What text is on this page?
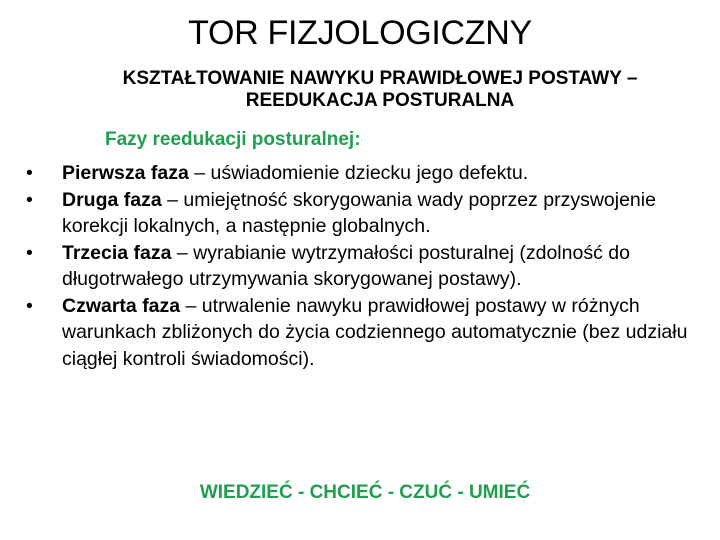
TOR FIZJOLOGICZNY
KSZTAŁTOWANIE NAWYKU PRAWIDŁOWEJ POSTAWY –
REEDUKACJA POSTURALNA
Fazy reedukacji posturalnej:
•	Pierwsza faza – uświadomienie dziecku jego defektu.
•	Druga faza – umiejętność skorygowania wady poprzez przyswojenie korekcji lokalnych, a następnie globalnych.
•	Trzecia faza – wyrabianie wytrzymałości posturalnej (zdolność do długotrwałego utrzymywania skorygowanej postawy).
•	Czwarta faza – utrwalenie nawyku prawidłowej postawy w różnych warunkach zbliżonych do życia codziennego automatycznie (bez udziału ciągłej kontroli świadomości).
WIEDZIEĆ - CHCIEĆ - CZUĆ - UMIEĆ
